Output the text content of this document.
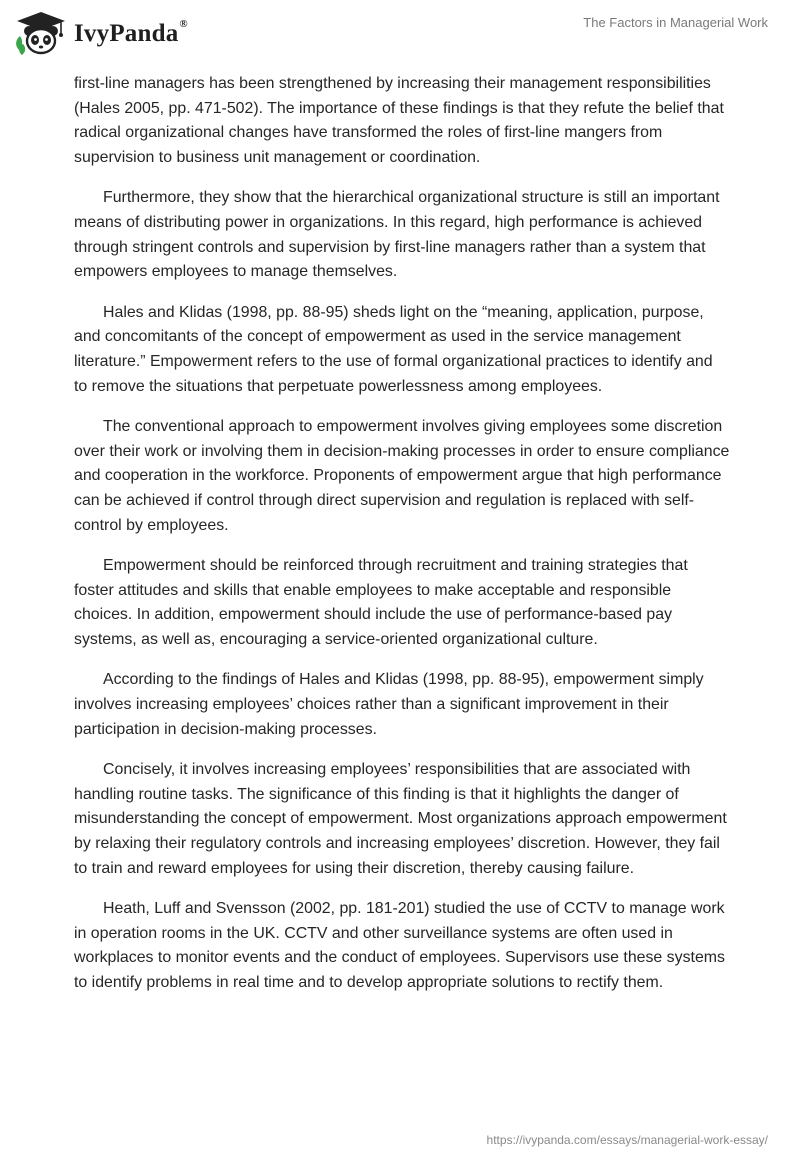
IvyPanda®	The Factors in Managerial Work

first-line managers has been strengthened by increasing their management responsibilities (Hales 2005, pp. 471-502). The importance of these findings is that they refute the belief that radical organizational changes have transformed the roles of first-line mangers from supervision to business unit management or coordination.

Furthermore, they show that the hierarchical organizational structure is still an important means of distributing power in organizations. In this regard, high performance is achieved through stringent controls and supervision by first-line managers rather than a system that empowers employees to manage themselves.

Hales and Klidas (1998, pp. 88-95) sheds light on the “meaning, application, purpose, and concomitants of the concept of empowerment as used in the service management literature.” Empowerment refers to the use of formal organizational practices to identify and to remove the situations that perpetuate powerlessness among employees.

The conventional approach to empowerment involves giving employees some discretion over their work or involving them in decision-making processes in order to ensure compliance and cooperation in the workforce. Proponents of empowerment argue that high performance can be achieved if control through direct supervision and regulation is replaced with self-control by employees.

Empowerment should be reinforced through recruitment and training strategies that foster attitudes and skills that enable employees to make acceptable and responsible choices. In addition, empowerment should include the use of performance-based pay systems, as well as, encouraging a service-oriented organizational culture.

According to the findings of Hales and Klidas (1998, pp. 88-95), empowerment simply involves increasing employees’ choices rather than a significant improvement in their participation in decision-making processes.

Concisely, it involves increasing employees’ responsibilities that are associated with handling routine tasks. The significance of this finding is that it highlights the danger of misunderstanding the concept of empowerment. Most organizations approach empowerment by relaxing their regulatory controls and increasing employees’ discretion. However, they fail to train and reward employees for using their discretion, thereby causing failure.

Heath, Luff and Svensson (2002, pp. 181-201) studied the use of CCTV to manage work in operation rooms in the UK. CCTV and other surveillance systems are often used in workplaces to monitor events and the conduct of employees. Supervisors use these systems to identify problems in real time and to develop appropriate solutions to rectify them.

https://ivypanda.com/essays/managerial-work-essay/
